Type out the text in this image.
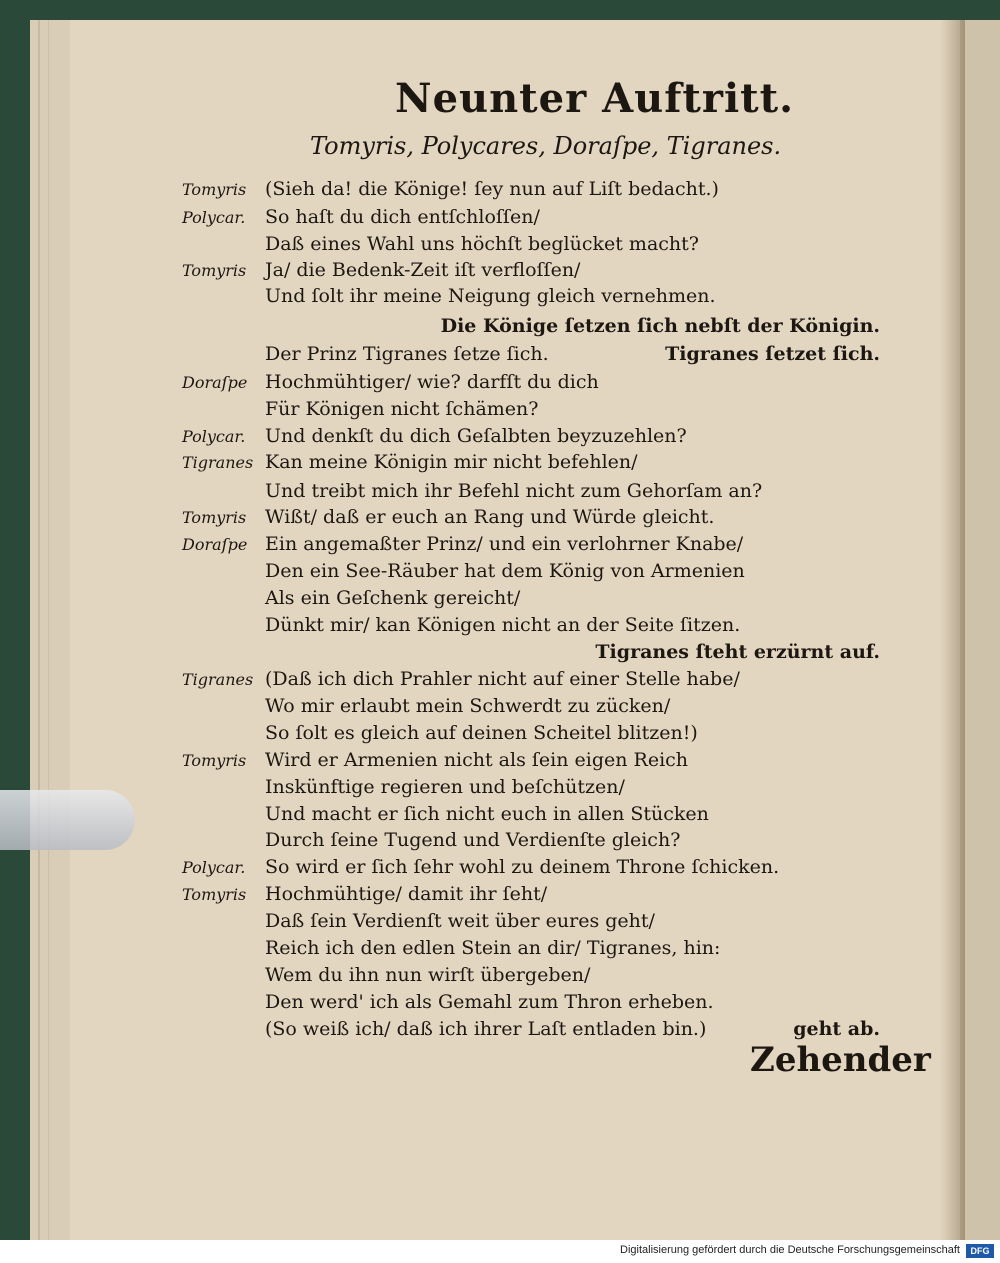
Tomyris (Sieh da! die Könige! ſey nun auf Liſt bedacht.)
Polycar. So haſt du dich entſchloſſen/
Daß eines Wahl uns höchſt beglücket macht?
Tomyris Ja/ die Bedenk-Zeit iſt verfloſſen/
Und ſolt ihr meine Neigung gleich vernehmen.
Die Könige ſetzen ſich nebſt der Königin.
Der Prinz Tigranes ſetze ſich.	Tigranes ſetzet ſich.
Doraſpe Hochmühtiger/ wie? darfſt du dich
Für Königen nicht ſchämen?
Polycar. Und denkſt du dich Geſalbten beyzuzehlen?
Tigranes Kan meine Königin mir nicht befehlen/
Und treibt mich ihr Befehl nicht zum Gehorſam an?
Tomyris Wißt/ daß er euch an Rang und Würde gleicht.
Doraſpe Ein angemaßter Prinz/ und ein verlohrner Knabe/
Den ein See-Räuber hat dem König von Armenien
Als ein Geſchenk gereicht/
Dünkt mir/ kan Königen nicht an der Seite ſitzen.
Tigranes ſteht erzürnt auf.
Tigranes (Daß ich dich Prahler nicht auf einer Stelle habe/
Wo mir erlaubt mein Schwerdt zu zücken/
So ſolt es gleich auf deinen Scheitel blitzen!)
Tomyris Wird er Armenien nicht als ſein eigen Reich
Inskünftige regieren und beſchützen/
Und macht er ſich nicht euch in allen Stücken
Durch ſeine Tugend und Verdienſte gleich?
Polycar. So wird er ſich ſehr wohl zu deinem Throne ſchicken.
Tomyris Hochmühtige/ damit ihr ſeht/
Daß ſein Verdienſt weit über eures geht/
Reich ich den edlen Stein an dir/ Tigranes, hin:
Wem du ihn nun wirſt übergeben/
Den werd' ich als Gemahl zum Thron erheben.
(So weiß ich/ daß ich ihrer Laſt entladen bin.)	geht ab.
Neunter Auftritt.
Tomyris, Polycares, Doraſpe, Tigranes.
Zehender
Digitalisierung gefördert durch die Deutsche Forschungsgemeinschaft	DFG
